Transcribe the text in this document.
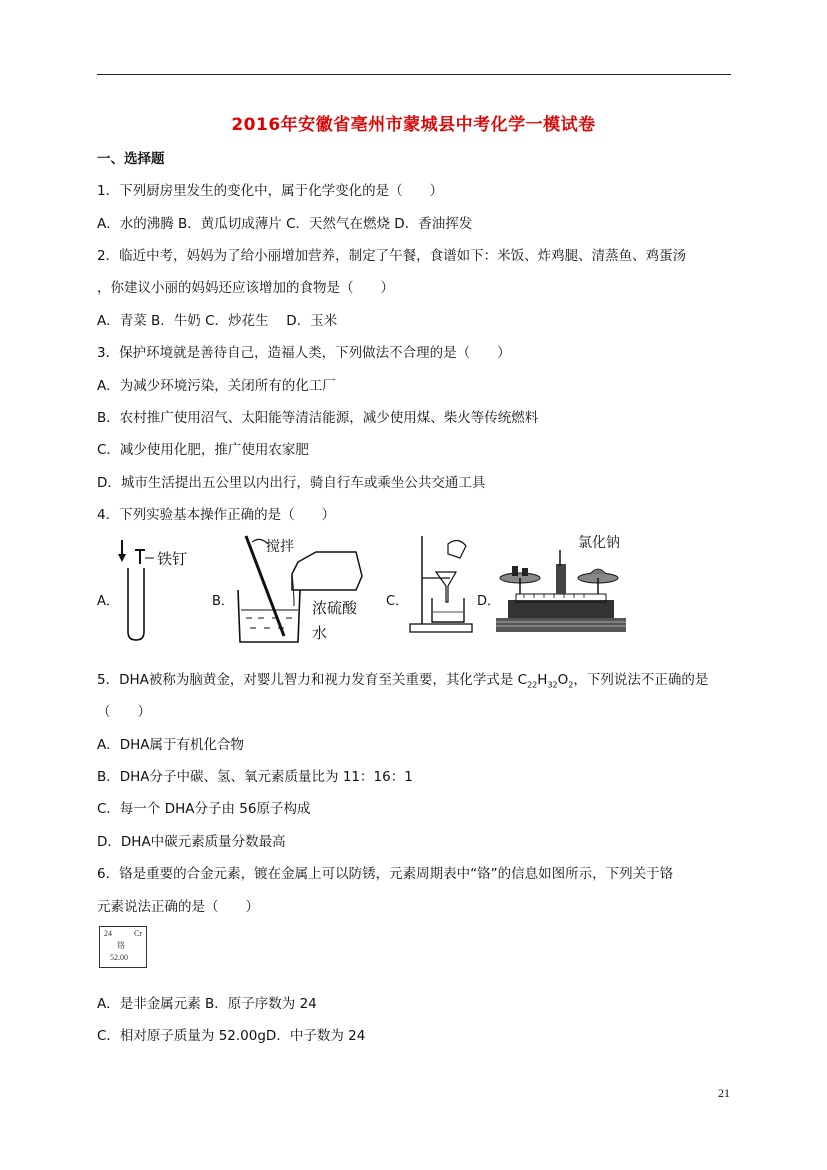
2016年安徽省亳州市蒙城县中考化学一模试卷
一、选择题
1．下列厨房里发生的变化中，属于化学变化的是（　　）
A．水的沸腾 B．黄瓜切成薄片 C．天然气在燃烧 D．香油挥发
2．临近中考，妈妈为了给小丽增加营养，制定了午餐，食谱如下：米饭、炸鸡腿、清蒸鱼、鸡蛋汤
，你建议小丽的妈妈还应该增加的食物是（　　）
A．青菜 B．牛奶 C．炒花生　 D．玉米
3．保护环境就是善待自己，造福人类，下列做法不合理的是（　　）
A．为减少环境污染，关闭所有的化工厂
B．农村推广使用沼气、太阳能等清洁能源，减少使用煤、柴火等传统燃料
C．减少使用化肥，推广使用农家肥
D．城市生活提出五公里以内出行，骑自行车或乘坐公共交通工具
4．下列实验基本操作正确的是（　　）
A．
铁钉
B．
搅拌
浓硫酸
水
C．	D．
氯化钠
5．DHA被称为脑黄金，对婴儿智力和视力发育至关重要，其化学式是 $C_{22}H_{32}O_2$，下列说法不正确的是
（　　）
A．DHA属于有机化合物
B．DHA分子中碳、氢、氧元素质量比为 11：16：1
C．每一个 DHA分子由 56原子构成
D．DHA中碳元素质量分数最高
6．铬是重要的合金元素，镀在金属上可以防锈，元素周期表中“铬”的信息如图所示，下列关于铬
元素说法正确的是（　　）
24	Cr
铬
52.00
A．是非金属元素 B．原子序数为 24
C．相对原子质量为 52.00gD．中子数为 24
21
